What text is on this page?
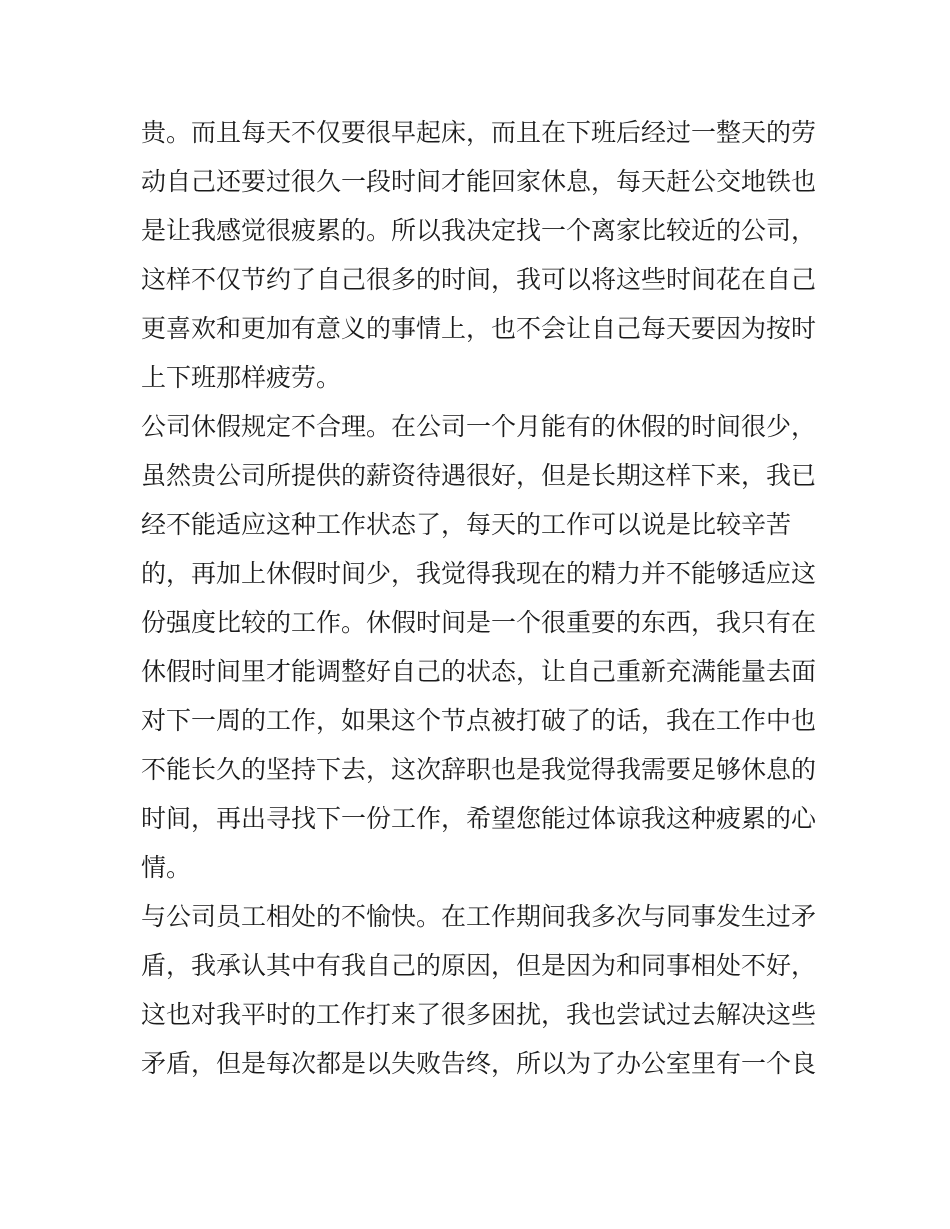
贵。而且每天不仅要很早起床，而且在下班后经过一整天的劳
动自己还要过很久一段时间才能回家休息，每天赶公交地铁也
是让我感觉很疲累的。所以我决定找一个离家比较近的公司，
这样不仅节约了自己很多的时间，我可以将这些时间花在自己
更喜欢和更加有意义的事情上，也不会让自己每天要因为按时
上下班那样疲劳。
公司休假规定不合理。在公司一个月能有的休假的时间很少，
虽然贵公司所提供的薪资待遇很好，但是长期这样下来，我已
经不能适应这种工作状态了，每天的工作可以说是比较辛苦
的，再加上休假时间少，我觉得我现在的精力并不能够适应这
份强度比较的工作。休假时间是一个很重要的东西，我只有在
休假时间里才能调整好自己的状态，让自己重新充满能量去面
对下一周的工作，如果这个节点被打破了的话，我在工作中也
不能长久的坚持下去，这次辞职也是我觉得我需要足够休息的
时间，再出寻找下一份工作，希望您能过体谅我这种疲累的心
情。
与公司员工相处的不愉快。在工作期间我多次与同事发生过矛
盾，我承认其中有我自己的原因，但是因为和同事相处不好，
这也对我平时的工作打来了很多困扰，我也尝试过去解决这些
矛盾，但是每次都是以失败告终，所以为了办公室里有一个良
